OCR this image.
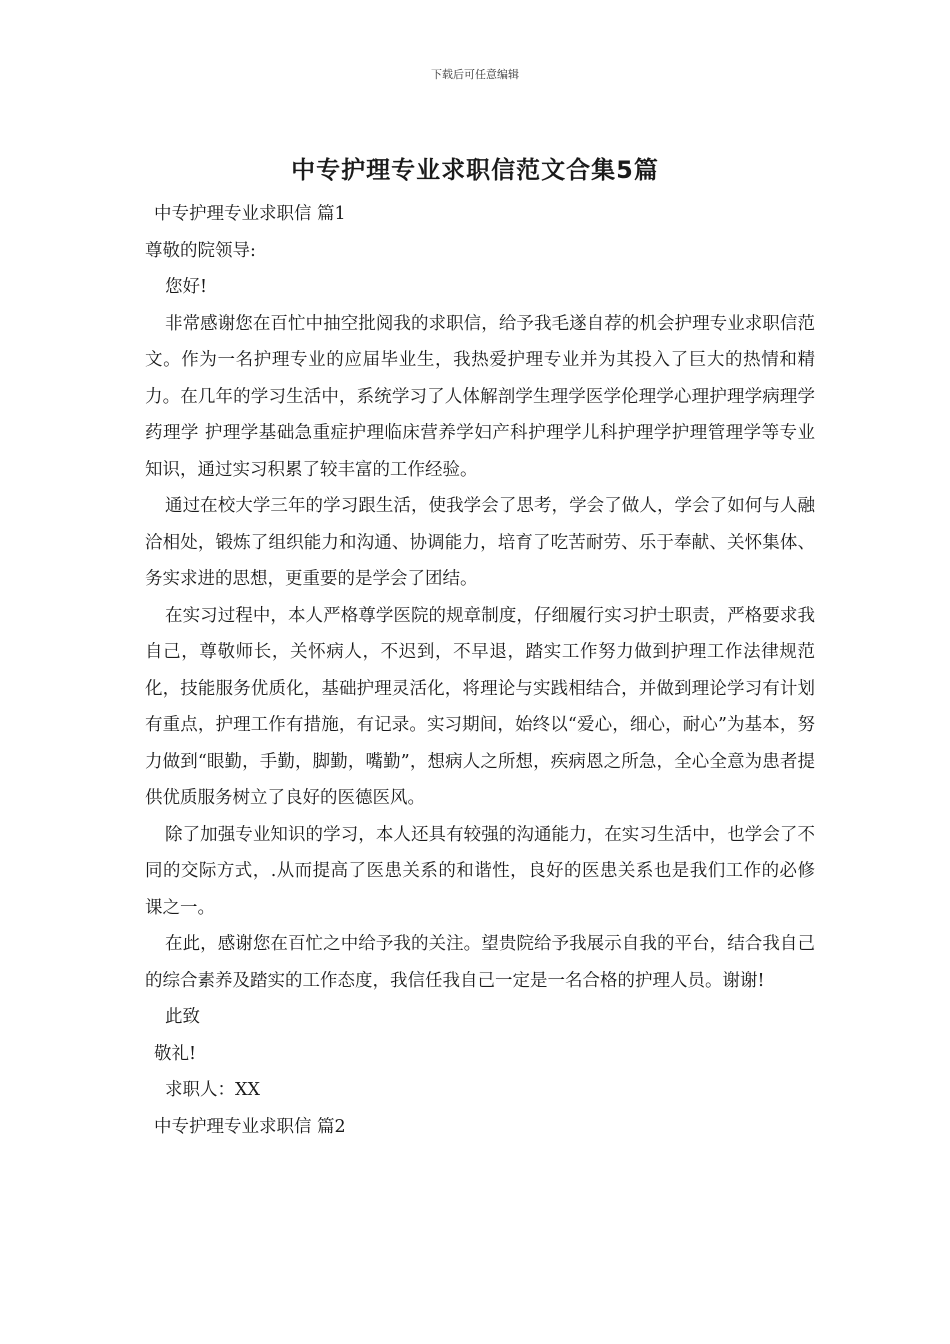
下载后可任意编辑
中专护理专业求职信范文合集5篇
中专护理专业求职信 篇1
尊敬的院领导:
您好!
非常感谢您在百忙中抽空批阅我的求职信，给予我毛遂自荐的机会护理专业求职信范文。作为一名护理专业的应届毕业生，我热爱护理专业并为其投入了巨大的热情和精力。在几年的学习生活中，系统学习了人体解剖学生理学医学伦理学心理护理学病理学药理学 护理学基础急重症护理临床营养学妇产科护理学儿科护理学护理管理学等专业知识，通过实习积累了较丰富的工作经验。
通过在校大学三年的学习跟生活，使我学会了思考，学会了做人，学会了如何与人融洽相处，锻炼了组织能力和沟通、协调能力，培育了吃苦耐劳、乐于奉献、关怀集体、务实求进的思想，更重要的是学会了团结。
在实习过程中，本人严格尊学医院的规章制度，仔细履行实习护士职责，严格要求我自己，尊敬师长，关怀病人，不迟到，不早退，踏实工作努力做到护理工作法律规范化，技能服务优质化，基础护理灵活化，将理论与实践相结合，并做到理论学习有计划有重点，护理工作有措施，有记录。实习期间，始终以“爱心，细心，耐心”为基本，努力做到“眼勤，手勤，脚勤，嘴勤”，想病人之所想，疾病恩之所急，全心全意为患者提供优质服务树立了良好的医德医风。
除了加强专业知识的学习，本人还具有较强的沟通能力，在实习生活中，也学会了不同的交际方式，.从而提高了医患关系的和谐性，良好的医患关系也是我们工作的必修课之一。
在此，感谢您在百忙之中给予我的关注。望贵院给予我展示自我的平台，结合我自己的综合素养及踏实的工作态度，我信任我自己一定是一名合格的护理人员。谢谢!
此致
敬礼!
求职人：XX
中专护理专业求职信 篇2
